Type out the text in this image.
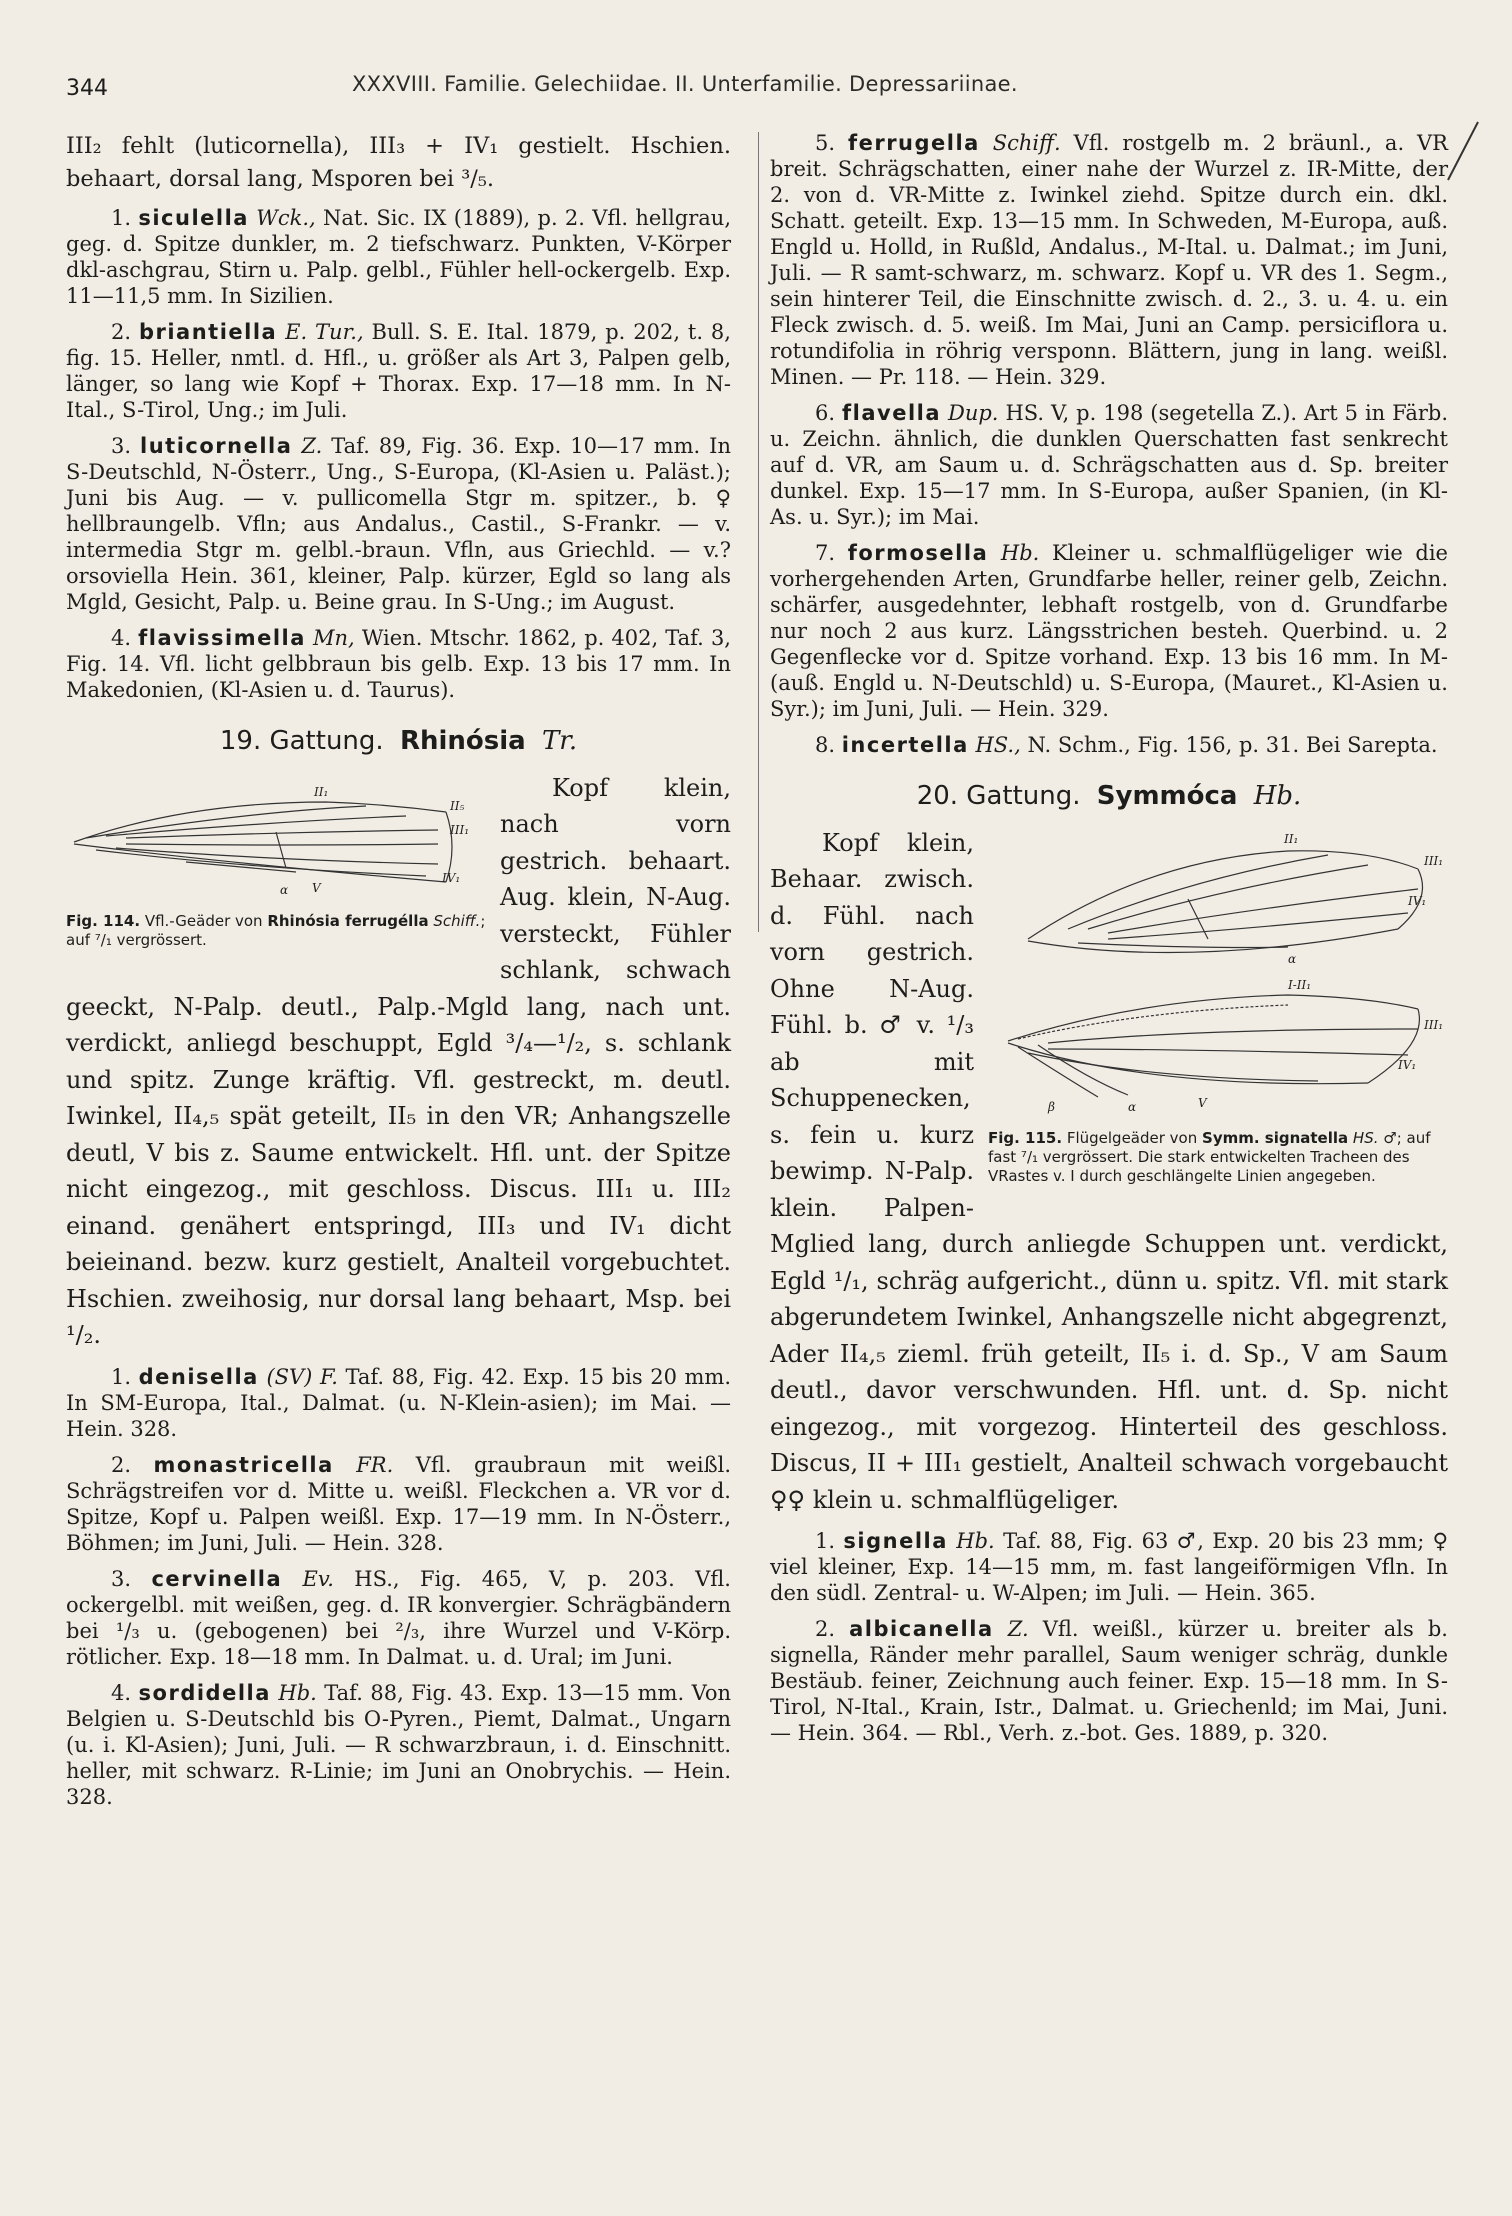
344	XXXVIII. Familie. Gelechiidae. II. Unterfamilie. Depressariinae.

III₂ fehlt (luticornella), III₃ + IV₁ gestielt. Hschien. behaart, dorsal lang, Msporen bei ³/₅.

1. siculella Wck., Nat. Sic. IX (1889), p. 2. Vfl. hellgrau, geg. d. Spitze dunkler, m. 2 tiefschwarz. Punkten, V-Körper dkl-aschgrau, Stirn u. Palp. gelbl., Fühler hell-ockergelb. Exp. 11—11,5 mm. In Sizilien.

2. briantiella E. Tur., Bull. S. E. Ital. 1879, p. 202, t. 8, fig. 15. Heller, nmtl. d. Hfl., u. größer als Art 3, Palpen gelb, länger, so lang wie Kopf + Thorax. Exp. 17—18 mm. In N-Ital., S-Tirol, Ung.; im Juli.

3. luticornella Z. Taf. 89, Fig. 36. Exp. 10—17 mm. In S-Deutschld, N-Österr., Ung., S-Europa, (Kl-Asien u. Paläst.); Juni bis Aug. — v. pullicomella Stgr m. spitzer., b. ♀ hellbraungelb. Vfln; aus Andalus., Castil., S-Frankr. — v. intermedia Stgr m. gelbl.-braun. Vfln, aus Griechld. — v.? orsoviella Hein. 361, kleiner, Palp. kürzer, Egld so lang als Mgld, Gesicht, Palp. u. Beine grau. In S-Ung.; im August.

4. flavissimella Mn, Wien. Mtschr. 1862, p. 402, Taf. 3, Fig. 14. Vfl. licht gelbbraun bis gelb. Exp. 13 bis 17 mm. In Makedonien, (Kl-Asien u. d. Taurus).

19. Gattung. Rhinósia Tr.

II₁
II₅
III₁
IV₁
α V
Fig. 114. Vfl.-Geäder von Rhinósia ferrugélla Schiff.; auf ⁷/₁ vergrössert.

Kopf klein, nach vorn gestrich. behaart. Aug. klein, N-Aug. versteckt, Fühler schlank, schwach geeckt, N-Palp. deutl., Palp.-Mgld lang, nach unt. verdickt, anliegd beschuppt, Egld ³/₄—¹/₂, s. schlank und spitz. Zunge kräftig. Vfl. gestreckt, m. deutl. Iwinkel, II₄,₅ spät geteilt, II₅ in den VR; Anhangszelle deutl, V bis z. Saume entwickelt. Hfl. unt. der Spitze nicht eingezog., mit geschloss. Discus. III₁ u. III₂ einand. genähert entspringd, III₃ und IV₁ dicht beieinand. bezw. kurz gestielt, Analteil vorgebuchtet. Hschien. zweihosig, nur dorsal lang behaart, Msp. bei ¹/₂.

1. denisella (SV) F. Taf. 88, Fig. 42. Exp. 15 bis 20 mm. In SM-Europa, Ital., Dalmat. (u. N-Klein-asien); im Mai. — Hein. 328.

2. monastricella FR. Vfl. graubraun mit weißl. Schrägstreifen vor d. Mitte u. weißl. Fleckchen a. VR vor d. Spitze, Kopf u. Palpen weißl. Exp. 17—19 mm. In N-Österr., Böhmen; im Juni, Juli. — Hein. 328.

3. cervinella Ev. HS., Fig. 465, V, p. 203. Vfl. ockergelbl. mit weißen, geg. d. IR konvergier. Schrägbändern bei ¹/₃ u. (gebogenen) bei ²/₃, ihre Wurzel und V-Körp. rötlicher. Exp. 18—18 mm. In Dalmat. u. d. Ural; im Juni.

4. sordidella Hb. Taf. 88, Fig. 43. Exp. 13—15 mm. Von Belgien u. S-Deutschld bis O-Pyren., Piemt, Dalmat., Ungarn (u. i. Kl-Asien); Juni, Juli. — R schwarzbraun, i. d. Einschnitt. heller, mit schwarz. R-Linie; im Juni an Onobrychis. — Hein. 328.

5. ferrugella Schiff. Vfl. rostgelb m. 2 bräunl., a. VR breit. Schrägschatten, einer nahe der Wurzel z. IR-Mitte, der 2. von d. VR-Mitte z. Iwinkel ziehd. Spitze durch ein. dkl. Schatt. geteilt. Exp. 13—15 mm. In Schweden, M-Europa, auß. Engld u. Holld, in Rußld, Andalus., M-Ital. u. Dalmat.; im Juni, Juli. — R samt-schwarz, m. schwarz. Kopf u. VR des 1. Segm., sein hinterer Teil, die Einschnitte zwisch. d. 2., 3. u. 4. u. ein Fleck zwisch. d. 5. weiß. Im Mai, Juni an Camp. persiciflora u. rotundifolia in röhrig versponn. Blättern, jung in lang. weißl. Minen. — Pr. 118. — Hein. 329.

6. flavella Dup. HS. V, p. 198 (segetella Z.). Art 5 in Färb. u. Zeichn. ähnlich, die dunklen Querschatten fast senkrecht auf d. VR, am Saum u. d. Schrägschatten aus d. Sp. breiter dunkel. Exp. 15—17 mm. In S-Europa, außer Spanien, (in Kl-As. u. Syr.); im Mai.

7. formosella Hb. Kleiner u. schmalflügeliger wie die vorhergehenden Arten, Grundfarbe heller, reiner gelb, Zeichn. schärfer, ausgedehnter, lebhaft rostgelb, von d. Grundfarbe nur noch 2 aus kurz. Längsstrichen besteh. Querbind. u. 2 Gegenflecke vor d. Spitze vorhand. Exp. 13 bis 16 mm. In M- (auß. Engld u. N-Deutschld) u. S-Europa, (Mauret., Kl-Asien u. Syr.); im Juni, Juli. — Hein. 329.

8. incertella HS., N. Schm., Fig. 156, p. 31. Bei Sarepta.

20. Gattung. Symmóca Hb.

II₁
III₁
IV₁
α
I-II₁
III₁
IV₁
β	α	V
Fig. 115. Flügelgeäder von Symm. signatella HS. ♂; auf fast ⁷/₁ vergrössert. Die stark entwickelten Tracheen des VRastes v. I durch geschlängelte Linien angegeben.

Kopf klein, Behaar. zwisch. d. Fühl. nach vorn gestrich. Ohne N-Aug. Fühl. b. ♂ v. ¹/₃ ab mit Schuppenecken, s. fein u. kurz bewimp. N-Palp. klein. Palpen-Mglied lang, durch anliegde Schuppen unt. verdickt, Egld ¹/₁, schräg aufgericht., dünn u. spitz. Vfl. mit stark abgerundetem Iwinkel, Anhangszelle nicht abgegrenzt, Ader II₄,₅ zieml. früh geteilt, II₅ i. d. Sp., V am Saum deutl., davor verschwunden. Hfl. unt. d. Sp. nicht eingezog., mit vorgezog. Hinterteil des geschloss. Discus, II + III₁ gestielt, Analteil schwach vorgebaucht ♀♀ klein u. schmalflügeliger.

1. signella Hb. Taf. 88, Fig. 63 ♂, Exp. 20 bis 23 mm; ♀ viel kleiner, Exp. 14—15 mm, m. fast langeiförmigen Vfln. In den südl. Zentral- u. W-Alpen; im Juli. — Hein. 365.

2. albicanella Z. Vfl. weißl., kürzer u. breiter als b. signella, Ränder mehr parallel, Saum weniger schräg, dunkle Bestäub. feiner, Zeichnung auch feiner. Exp. 15—18 mm. In S-Tirol, N-Ital., Krain, Istr., Dalmat. u. Griechenld; im Mai, Juni. — Hein. 364. — Rbl., Verh. z.-bot. Ges. 1889, p. 320.
